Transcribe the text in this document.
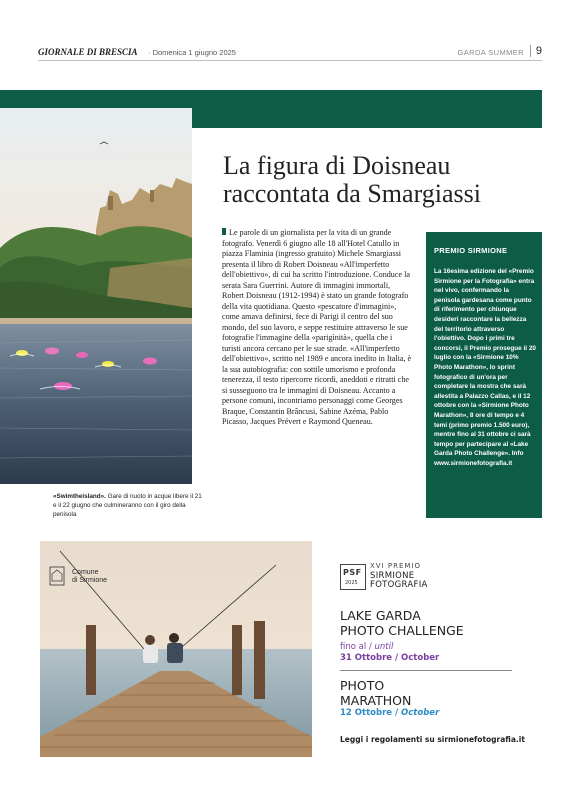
GIORNALE DI BRESCIA · Domenica 1 giugno 2025	GARDA SUMMER	9
«Swimtheisland». Gare di nuoto in acque libere il 21 e il 22 giugno che culmineranno con il giro della penisola
La figura di Doisneau
raccontata da Smargiassi
Le parole di un giornalista per la vita di un grande fotografo. Venerdì 6 giugno alle 18 all'Hotel Catullo in piazza Flaminia (ingresso gratuito) Michele Smargiassi presenta il libro di Robert Doisneau «All'imperfetto dell'obiettivo», di cui ha scritto l'introduzione. Conduce la serata Sara Guerrini. Autore di immagini immortali, Robert Doisneau (1912-1994) è stato un grande fotografo della vita quotidiana. Questo «pescatore d'immagini», come amava definirsi, fece di Parigi il centro del suo mondo, del suo lavoro, e seppe restituire attraverso le sue fotografie l'immagine della «parigìnità», quella che i turisti ancora cercano per le sue strade. «All'imperfetto dell'obiettivo», scritto nel 1989 e ancora inedito in Italia, è la sua autobiografia: con sottile umorismo e profonda tenerezza, il testo ripercorre ricordi, aneddoti e ritratti che si susseguono tra le immagini di Doisneau. Accanto a persone comuni, incontriamo personaggi come Georges Braque, Constantin Brâncusi, Sabine Azéma, Pablo Picasso, Jacques Prévert e Raymond Queneau.
PREMIO SIRMIONE
La 16esima edizione del «Premio Sirmione per la Fotografia» entra nel vivo, confermando la penisola gardesana come punto di riferimento per chiunque desideri raccontare la bellezza del territorio attraverso l'obiettivo. Dopo i primi tre concorsi, il Premio prosegue il 20 luglio con la «Sirmione 10% Photo Marathon», lo sprint fotografico di un'ora per completare la mostra che sarà allestita a Palazzo Callas, e il 12 ottobre con la «Sirmione Photo Marathon», 8 ore di tempo e 4 temi (primo premio 1.500 euro), mentre fino al 31 ottobre ci sarà tempo per partecipare al «Lake Garda Photo Challenge». Info www.sirmionefotografia.it
Comune
di Sirmione
PSF
2025
XVI PREMIO
SIRMIONE
FOTOGRAFIA
LAKE GARDA
PHOTO CHALLENGE
fino al / until
31 Ottobre / October
PHOTO
MARATHON
12 Ottobre / October
Leggi i regolamenti su sirmionefotografia.it
